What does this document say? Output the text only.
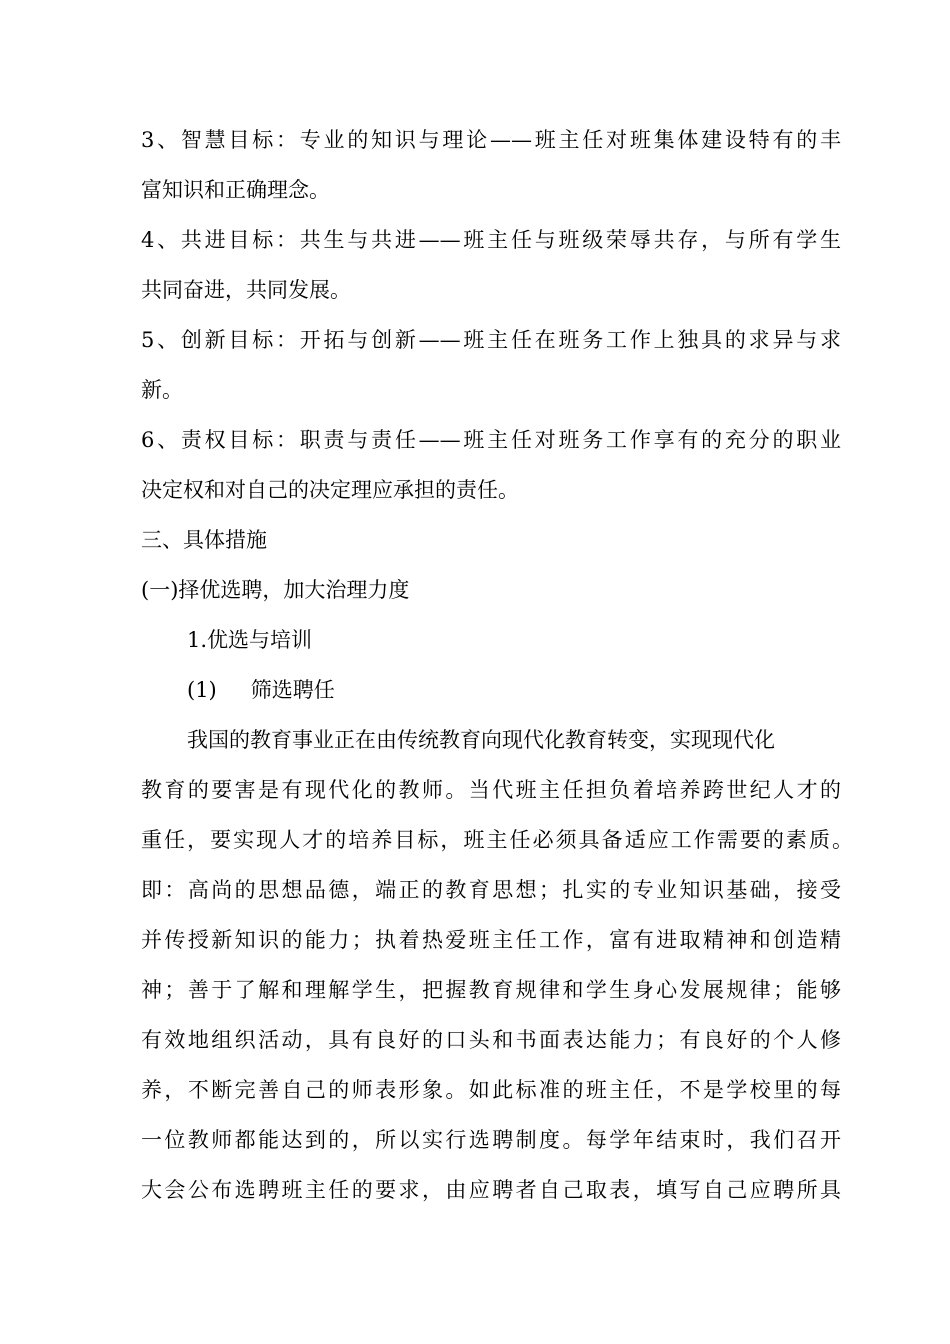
3、智慧目标：专业的知识与理论——班主任对班集体建设特有的丰
富知识和正确理念。
4、共进目标：共生与共进——班主任与班级荣辱共存，与所有学生
共同奋进，共同发展。
5、创新目标：开拓与创新——班主任在班务工作上独具的求异与求
新。
6、责权目标：职责与责任——班主任对班务工作享有的充分的职业
决定权和对自己的决定理应承担的责任。
三、具体措施
(一)择优选聘，加大治理力度
1.优选与培训
(1) 筛选聘任
我国的教育事业正在由传统教育向现代化教育转变，实现现代化
教育的要害是有现代化的教师。当代班主任担负着培养跨世纪人才的
重任，要实现人才的培养目标，班主任必须具备适应工作需要的素质。
即：高尚的思想品德，端正的教育思想；扎实的专业知识基础，接受
并传授新知识的能力；执着热爱班主任工作，富有进取精神和创造精
神；善于了解和理解学生，把握教育规律和学生身心发展规律；能够
有效地组织活动，具有良好的口头和书面表达能力；有良好的个人修
养，不断完善自己的师表形象。如此标准的班主任，不是学校里的每
一位教师都能达到的，所以实行选聘制度。每学年结束时，我们召开
大会公布选聘班主任的要求，由应聘者自己取表，填写自己应聘所具
